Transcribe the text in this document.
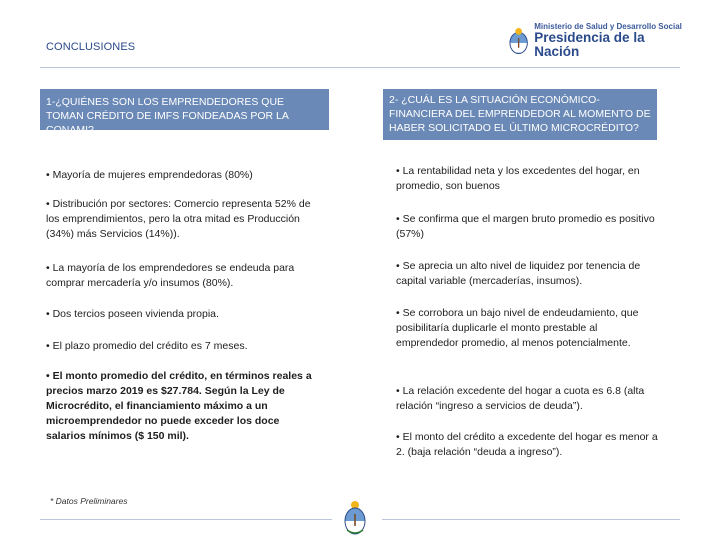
CONCLUSIONES
Ministerio de Salud y Desarrollo Social
Presidencia de la Nación
1-¿QUIÉNES SON LOS EMPRENDEDORES QUE TOMAN CRÉDITO DE IMFS FONDEADAS POR LA CONAMI?
• Mayoría de mujeres emprendedoras (80%)
• Distribución por sectores: Comercio representa 52% de los emprendimientos, pero la otra mitad es Producción (34%) más Servicios (14%)).
• La mayoría de los emprendedores se endeuda para comprar mercadería y/o insumos (80%).
• Dos tercios poseen vivienda propia.
• El plazo promedio del crédito es 7 meses.
• El monto promedio del crédito, en términos reales a precios marzo 2019 es $27.784. Según la Ley de Microcrédito, el financiamiento máximo a un microemprendedor no puede exceder los doce salarios mínimos ($ 150 mil).
2- ¿CUÁL ES LA SITUACIÓN ECONÓMICO-FINANCIERA DEL EMPRENDEDOR AL MOMENTO DE HABER SOLICITADO EL ÚLTIMO MICROCRÉDITO?
• La rentabilidad neta y los excedentes del hogar, en promedio, son buenos
• Se confirma que el margen bruto promedio es positivo (57%)
• Se aprecia un alto nivel de liquidez por tenencia de capital variable (mercaderías, insumos).
• Se corrobora un bajo nivel de endeudamiento, que posibilitaría duplicarle el monto prestable al emprendedor promedio, al menos potencialmente.
• La relación excedente del hogar a cuota es 6.8 (alta relación “ingreso a servicios de deuda”).
• El monto del crédito a excedente del hogar es menor a 2. (baja relación “deuda a ingreso”).
* Datos Preliminares
